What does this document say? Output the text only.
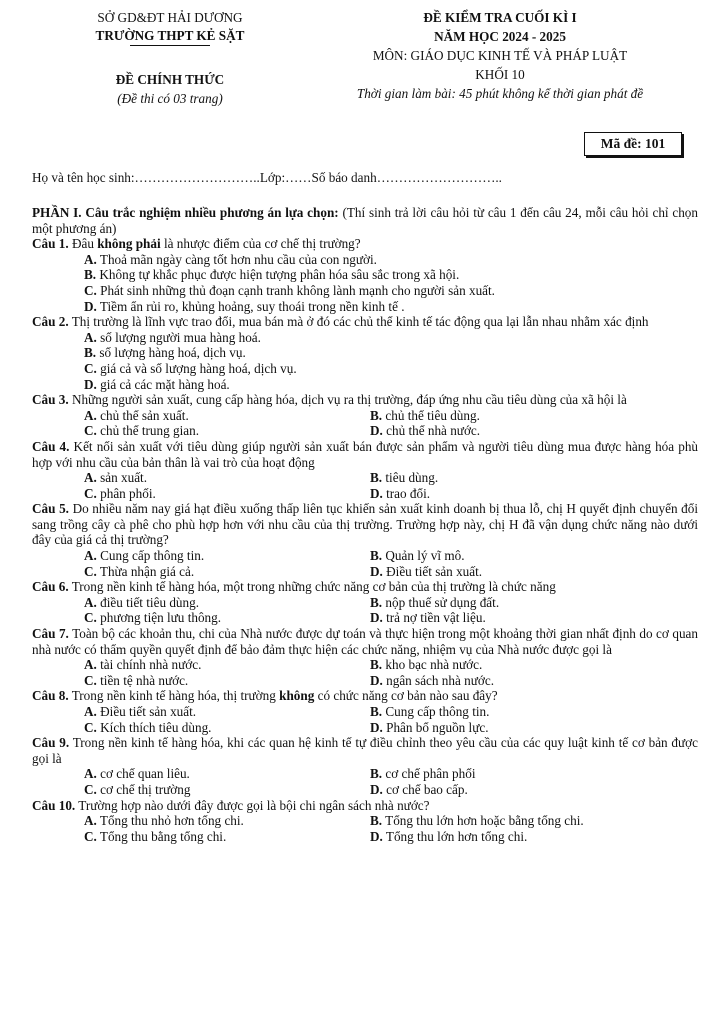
SỞ GD&ĐT HẢI DƯƠNG
TRƯỜNG THPT KẺ SẶT
ĐỀ CHÍNH THỨC
(Đề thi có 03 trang)
ĐỀ KIỂM TRA CUỐI KÌ I
NĂM HỌC 2024 - 2025
MÔN: GIÁO DỤC KINH TẾ VÀ PHÁP LUẬT
KHỐI 10
Thời gian làm bài: 45 phút không kể thời gian phát đề
Mã đề: 101
Họ và tên học sinh:………………………..Lớp:……Số báo danh………………………..

PHẦN I. Câu trắc nghiệm nhiều phương án lựa chọn: (Thí sinh trả lời câu hỏi từ câu 1 đến câu 24, mỗi câu hỏi chỉ chọn một phương án)

Câu 1. Đâu không phải là nhược điểm của cơ chế thị trường?

A. Thoả mãn ngày càng tốt hơn nhu cầu của con người.
B. Không tự khắc phục được hiện tượng phân hóa sâu sắc trong xã hội.
C. Phát sinh những thủ đoạn cạnh tranh không lành mạnh cho người sản xuất.
D. Tiềm ẩn rủi ro, khủng hoảng, suy thoái trong nền kinh tế .

Câu 2. Thị trường là lĩnh vực trao đổi, mua bán mà ở đó các chủ thể kinh tế tác động qua lại lẫn nhau nhằm xác định

A. số lượng người mua hàng hoá.
B. số lượng hàng hoá, dịch vụ.
C. giá cả và số lượng hàng hoá, dịch vụ.
D. giá cả các mặt hàng hoá.

Câu 3. Những người sản xuất, cung cấp hàng hóa, dịch vụ ra thị trường, đáp ứng nhu cầu tiêu dùng của xã hội là

A. chủ thể sản xuất.	B. chủ thể tiêu dùng.
C. chủ thể trung gian.	D. chủ thể nhà nước.

Câu 4. Kết nối sản xuất với tiêu dùng giúp người sản xuất bán được sản phẩm và người tiêu dùng mua được hàng hóa phù hợp với nhu cầu của bản thân là vai trò của hoạt động

A. sản xuất.	B. tiêu dùng.
C. phân phối.	D. trao đổi.

Câu 5. Do nhiều năm nay giá hạt điều xuống thấp liên tục khiến sản xuất kinh doanh bị thua lỗ, chị H quyết định chuyển đổi sang trồng cây cà phê cho phù hợp hơn với nhu cầu của thị trường. Trường hợp này, chị H đã vận dụng chức năng nào dưới đây của giá cả thị trường?

A. Cung cấp thông tin.	B. Quản lý vĩ mô.
C. Thừa nhận giá cả.	D. Điều tiết sản xuất.

Câu 6. Trong nền kinh tế hàng hóa, một trong những chức năng cơ bản của thị trường là chức năng

A. điều tiết tiêu dùng.	B. nộp thuế sử dụng đất.
C. phương tiện lưu thông.	D. trả nợ tiền vật liệu.

Câu 7. Toàn bộ các khoản thu, chi của Nhà nước được dự toán và thực hiện trong một khoảng thời gian nhất định do cơ quan nhà nước có thẩm quyền quyết định để bảo đảm thực hiện các chức năng, nhiệm vụ của Nhà nước được gọi là

A. tài chính nhà nước.	B. kho bạc nhà nước.
C. tiền tệ nhà nước.	D. ngân sách nhà nước.

Câu 8. Trong nền kinh tế hàng hóa, thị trường không có chức năng cơ bản nào sau đây?

A. Điều tiết sản xuất.	B. Cung cấp thông tin.
C. Kích thích tiêu dùng.	D. Phân bổ nguồn lực.

Câu 9. Trong nền kinh tế hàng hóa, khi các quan hệ kinh tế tự điều chỉnh theo yêu cầu của các quy luật kinh tế cơ bản được gọi là

A. cơ chế quan liêu.	B. cơ chế phân phối
C. cơ chế thị trường	D. cơ chế bao cấp.

Câu 10. Trường hợp nào dưới đây được gọi là bội chi ngân sách nhà nước?

A. Tổng thu nhỏ hơn tổng chi.	B. Tổng thu lớn hơn hoặc bằng tổng chi.
C. Tổng thu bằng tổng chi.	D. Tổng thu lớn hơn tổng chi.
